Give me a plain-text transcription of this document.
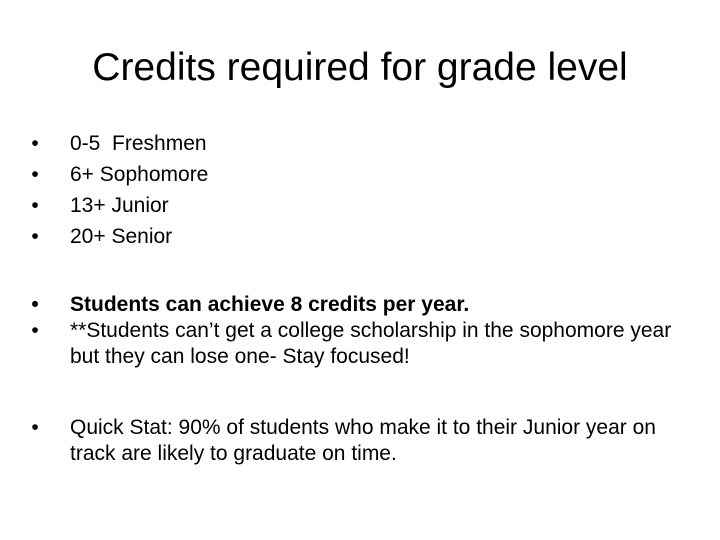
Credits required for grade level
• 0-5 Freshmen
• 6+ Sophomore
• 13+ Junior
• 20+ Senior
• Students can achieve 8 credits per year.
• **Students can’t get a college scholarship in the sophomore year but they can lose one- Stay focused!
• Quick Stat: 90% of students who make it to their Junior year on track are likely to graduate on time.
